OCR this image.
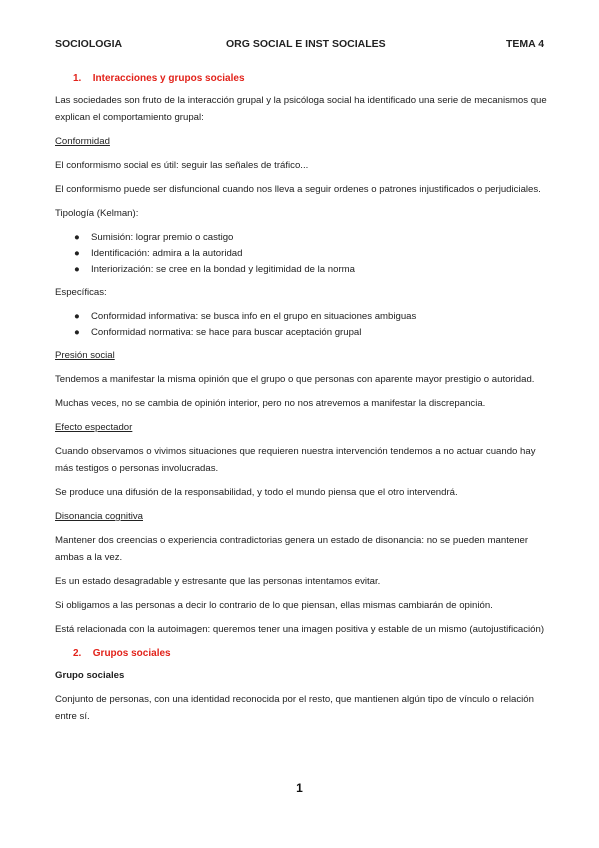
SOCIOLOGIA	ORG SOCIAL E INST SOCIALES	TEMA 4
1. Interacciones y grupos sociales

Las sociedades son fruto de la interacción grupal y la psicóloga social ha identificado una serie de mecanismos que explican el comportamiento grupal:

Conformidad

El conformismo social es útil: seguir las señales de tráfico...

El conformismo puede ser disfuncional cuando nos lleva a seguir ordenes o patrones injustificados o perjudiciales.

Tipología (Kelman):

● Sumisión: lograr premio o castigo
● Identificación: admira a la autoridad
● Interiorización: se cree en la bondad y legitimidad de la norma

Específicas:

● Conformidad informativa: se busca info en el grupo en situaciones ambiguas
● Conformidad normativa: se hace para buscar aceptación grupal
Presión social

Tendemos a manifestar la misma opinión que el grupo o que personas con aparente mayor prestigio o autoridad.

Muchas veces, no se cambia de opinión interior, pero no nos atrevemos a manifestar la discrepancia.

Efecto espectador

Cuando observamos o vivimos situaciones que requieren nuestra intervención tendemos a no actuar cuando hay más testigos o personas involucradas.

Se produce una difusión de la responsabilidad, y todo el mundo piensa que el otro intervendrá.

Disonancia cognitiva

Mantener dos creencias o experiencia contradictorias genera un estado de disonancia: no se pueden mantener ambas a la vez.

Es un estado desagradable y estresante que las personas intentamos evitar.

Si obligamos a las personas a decir lo contrario de lo que piensan, ellas mismas cambiarán de opinión.

Está relacionada con la autoimagen: queremos tener una imagen positiva y estable de un mismo (autojustificación)

2. Grupos sociales
Grupo sociales

Conjunto de personas, con una identidad reconocida por el resto, que mantienen algún tipo de vínculo o relación entre sí.

1
